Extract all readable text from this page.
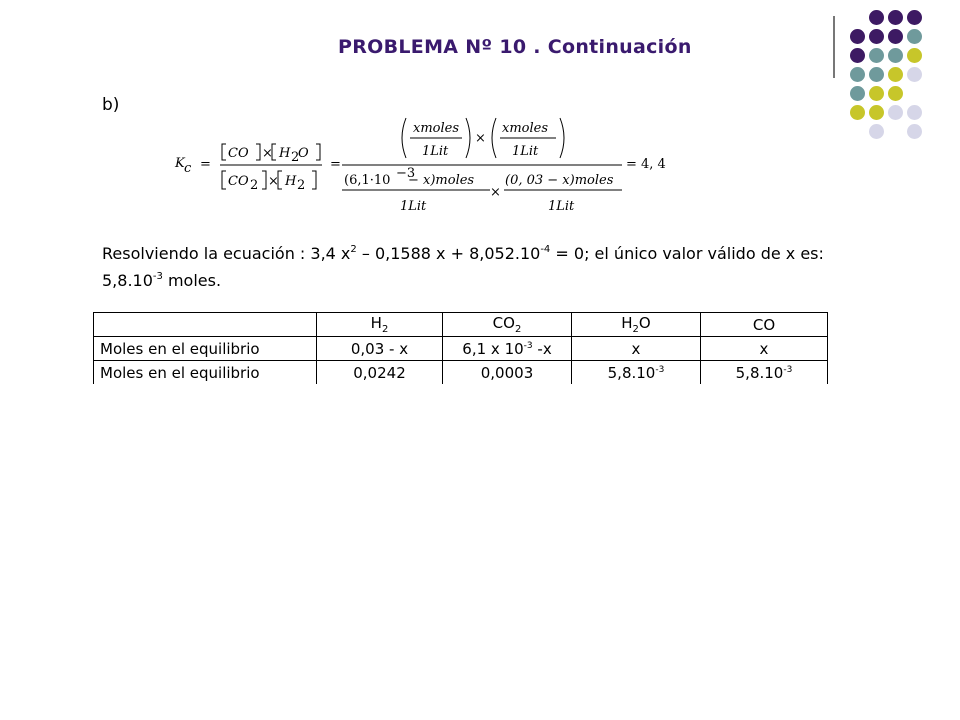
PROBLEMA Nº 10 . Continuación
b)
K c =
CO × H 2
O
CO 2 × H 2
=
xmoles
1Lit
×
xmoles
1Lit
(6,1·10 −3
− x)moles
1Lit
×
(0, 03 − x)moles
1Lit
= 4, 4
Resolviendo la ecuación : 3,4 $x^2 - 0,1588$ $x + 8,052.10^{-4} = 0$; el único valor válido de x es: $5,8.10^{-3}$ moles.
	$H_2$	$CO_2$	$H_2O$	CO
Moles en el equilibrio	0,03 - x	6,1 x $10^{-3}$ -x	x	x
Moles en el equilibrio	0,0242	0,0003	$5,8.10^{-3}$	$5,8.10^{-3}$
